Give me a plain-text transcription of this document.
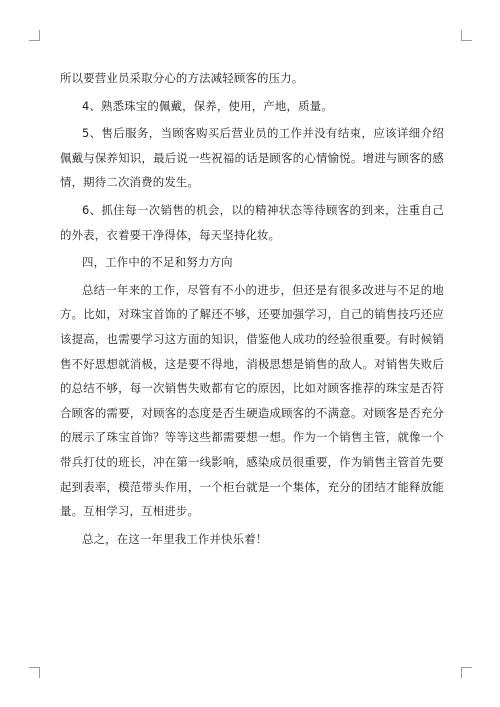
所以要营业员采取分心的方法减轻顾客的压力。

4、熟悉珠宝的佩戴，保养，使用，产地，质量。

5、售后服务，当顾客购买后营业员的工作并没有结束，应该详细介绍佩戴与保养知识，最后说一些祝福的话是顾客的心情愉悦。增进与顾客的感情，期待二次消费的发生。

6、抓住每一次销售的机会，以的精神状态等待顾客的到来，注重自己的外表，衣着要干净得体，每天坚持化妆。

四，工作中的不足和努力方向

总结一年来的工作，尽管有不小的进步，但还是有很多改进与不足的地方。比如，对珠宝首饰的了解还不够，还要加强学习，自己的销售技巧还应该提高，也需要学习这方面的知识，借鉴他人成功的经验很重要。有时候销售不好思想就消极，这是要不得地，消极思想是销售的敌人。对销售失败后的总结不够，每一次销售失败都有它的原因，比如对顾客推荐的珠宝是否符合顾客的需要，对顾客的态度是否生硬造成顾客的不满意。对顾客是否充分的展示了珠宝首饰？等等这些都需要想一想。作为一个销售主管，就像一个带兵打仗的班长，冲在第一线影响，感染成员很重要，作为销售主管首先要起到表率，模范带头作用，一个柜台就是一个集体，充分的团结才能释放能量。互相学习，互相进步。

总之，在这一年里我工作并快乐着！
